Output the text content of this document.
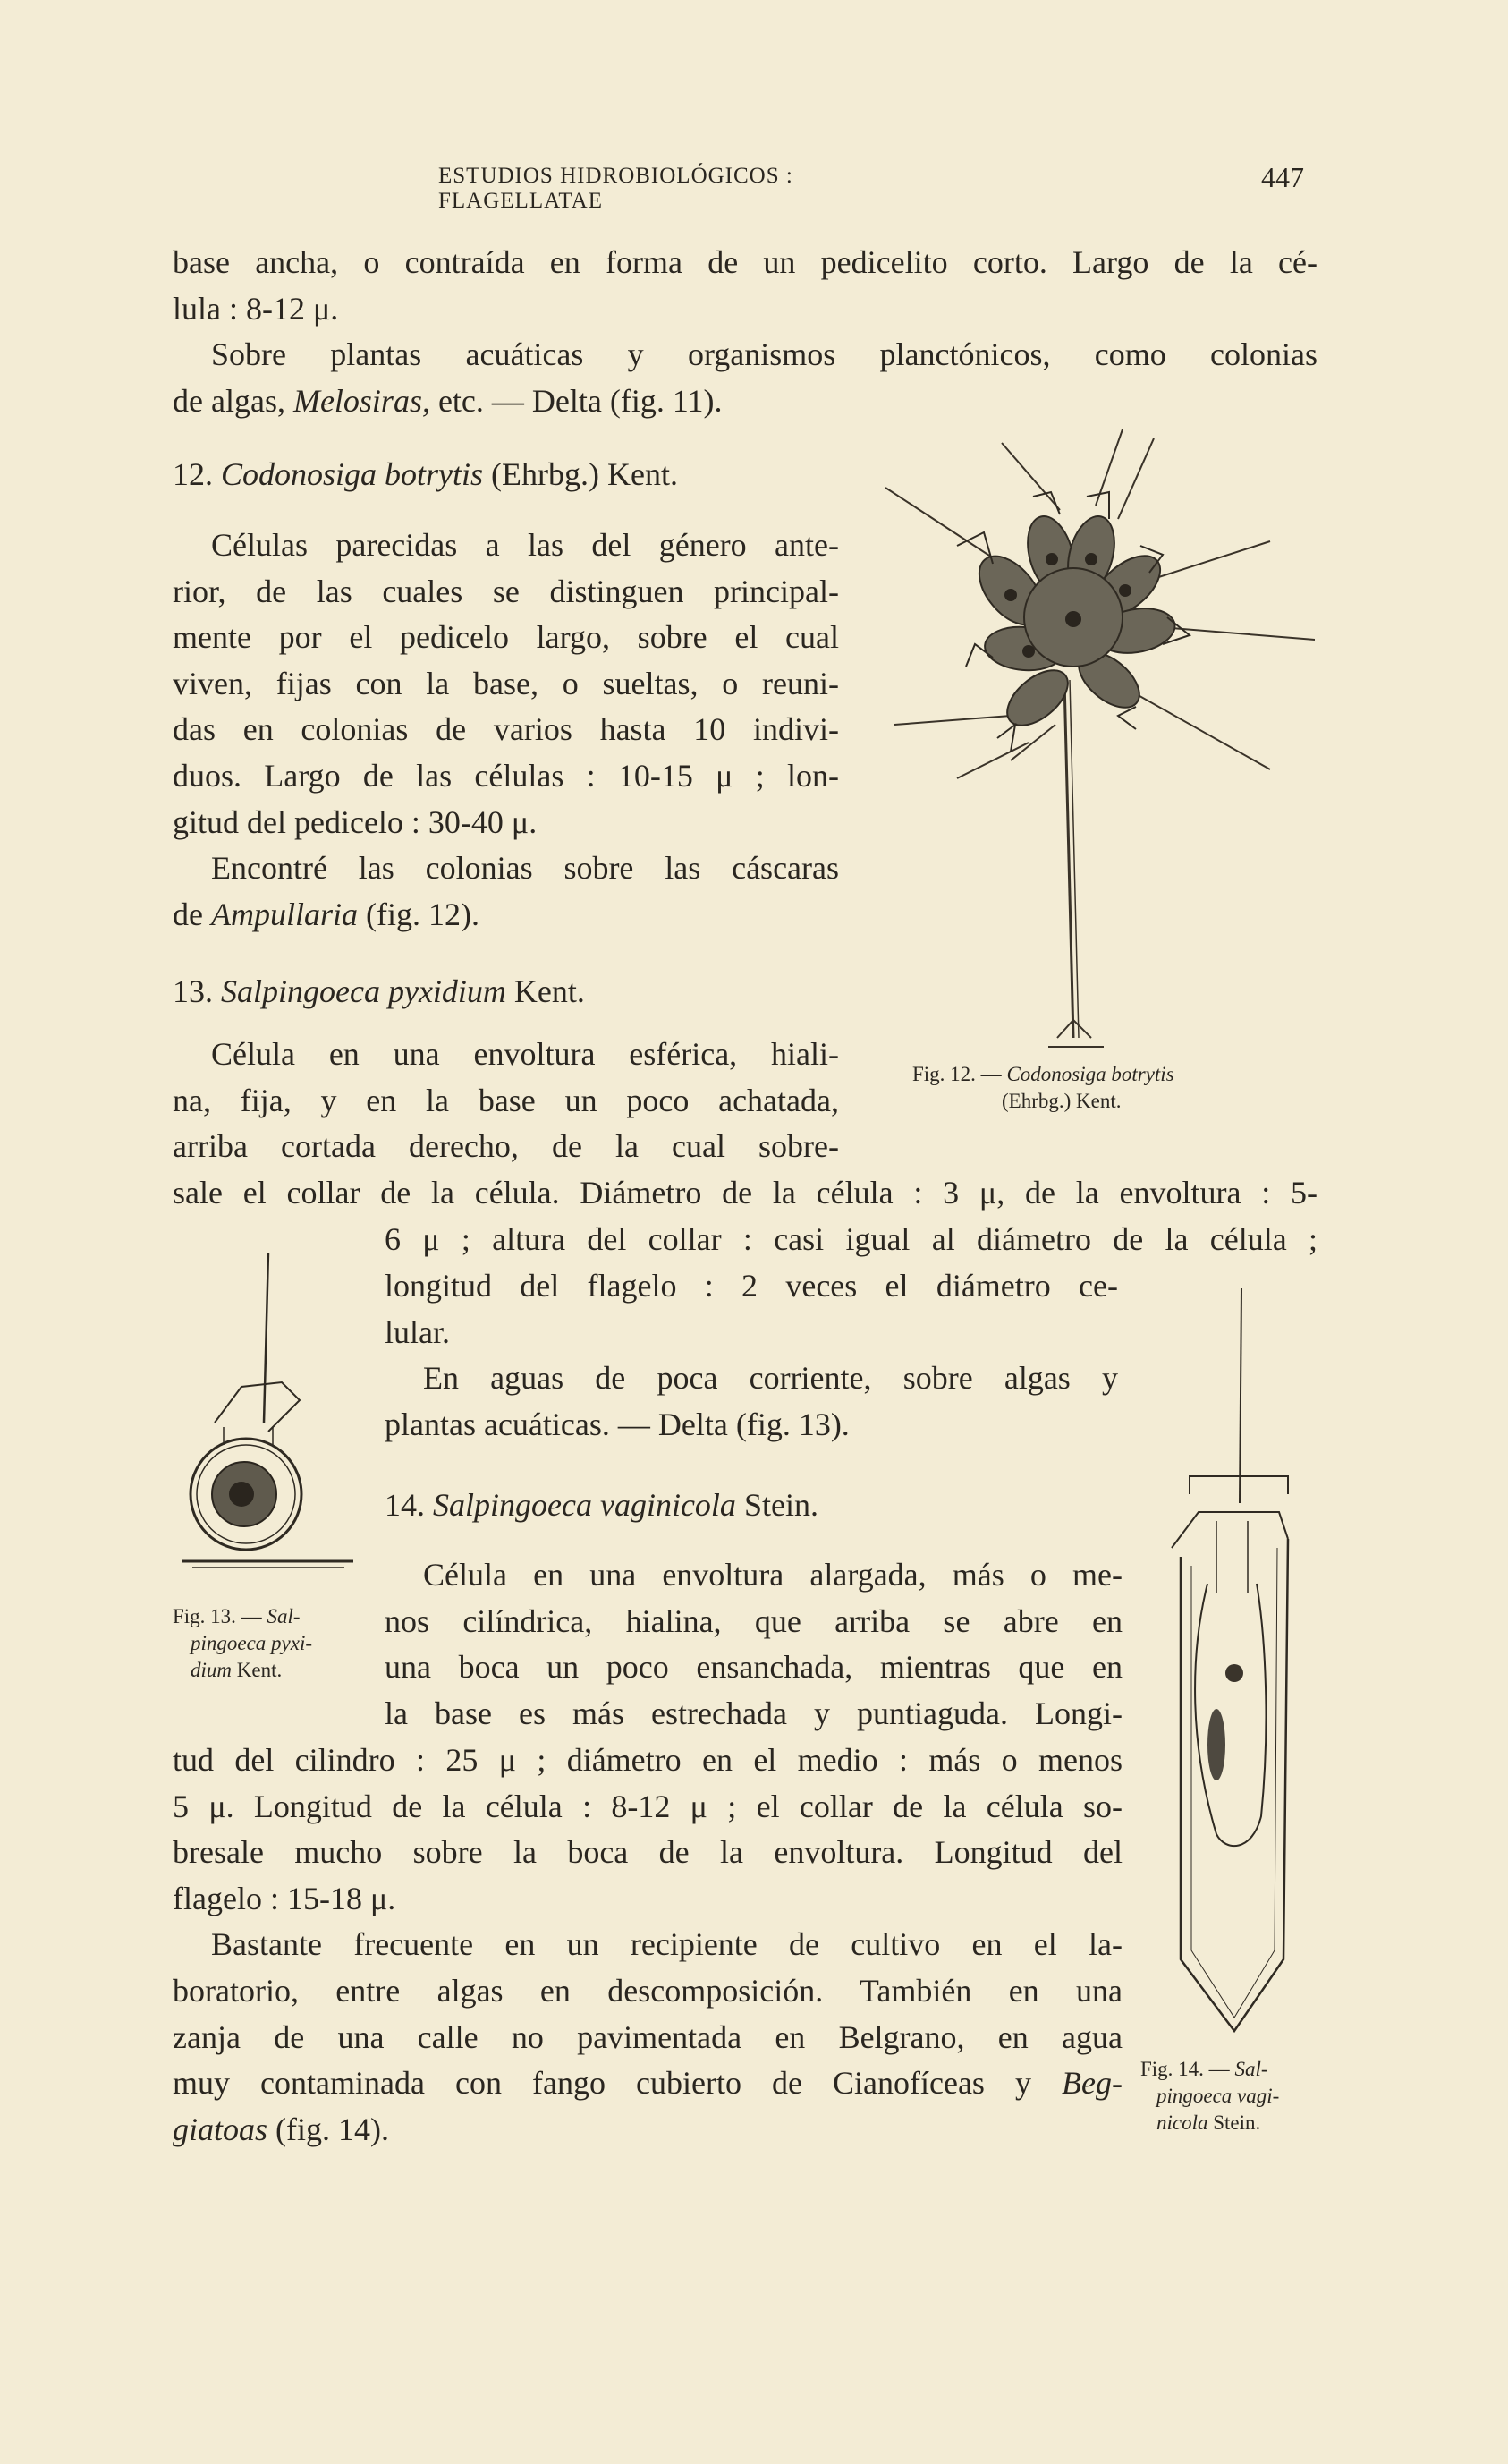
ESTUDIOS HIDROBIOLÓGICOS : FLAGELLATAE
447
base ancha, o contraída en forma de un pedicelito corto. Largo de la cé-
lula : 8-12 μ.
Sobre plantas acuáticas y organismos planctónicos, como colonias
de algas, Melosiras, etc. — Delta (fig. 11).
12. Codonosiga botrytis (Ehrbg.) Kent.
Células parecidas a las del género ante-
rior, de las cuales se distinguen principal-
mente por el pedicelo largo, sobre el cual
viven, fijas con la base, o sueltas, o reuni-
das en colonias de varios hasta 10 indivi-
duos. Largo de las células : 10-15 μ ; lon-
gitud del pedicelo : 30-40 μ.
Encontré las colonias sobre las cáscaras
de Ampullaria (fig. 12).
13. Salpingoeca pyxidium Kent.
Célula en una envoltura esférica, hiali-
na, fija, y en la base un poco achatada,
arriba cortada derecho, de la cual sobre-
sale el collar de la célula. Diámetro de la célula : 3 μ, de la envoltura : 5-
6 μ ; altura del collar : casi igual al diámetro de la célula ;
longitud del flagelo : 2 veces el diámetro ce-
lular.
En aguas de poca corriente, sobre algas y
plantas acuáticas. — Delta (fig. 13).
Fig. 12. — Codonosiga botrytis
(Ehrbg.) Kent.
Fig. 13. — Sal-
pingoeca pyxi-
dium Kent.
14. Salpingoeca vaginicola Stein.
Célula en una envoltura alargada, más o me-
nos cilíndrica, hialina, que arriba se abre en
una boca un poco ensanchada, mientras que en
la base es más estrechada y puntiaguda. Longi-
tud del cilindro : 25 μ ; diámetro en el medio : más o menos
5 μ. Longitud de la célula : 8-12 μ ; el collar de la célula so-
bresale mucho sobre la boca de la envoltura. Longitud del
flagelo : 15-18 μ.
Bastante frecuente en un recipiente de cultivo en el la-
boratorio, entre algas en descomposición. También en una
zanja de una calle no pavimentada en Belgrano, en agua
muy contaminada con fango cubierto de Cianofíceas y Beg-
giatoas (fig. 14).
Fig. 14. — Sal-
pingoeca vagi-
nicola Stein.
